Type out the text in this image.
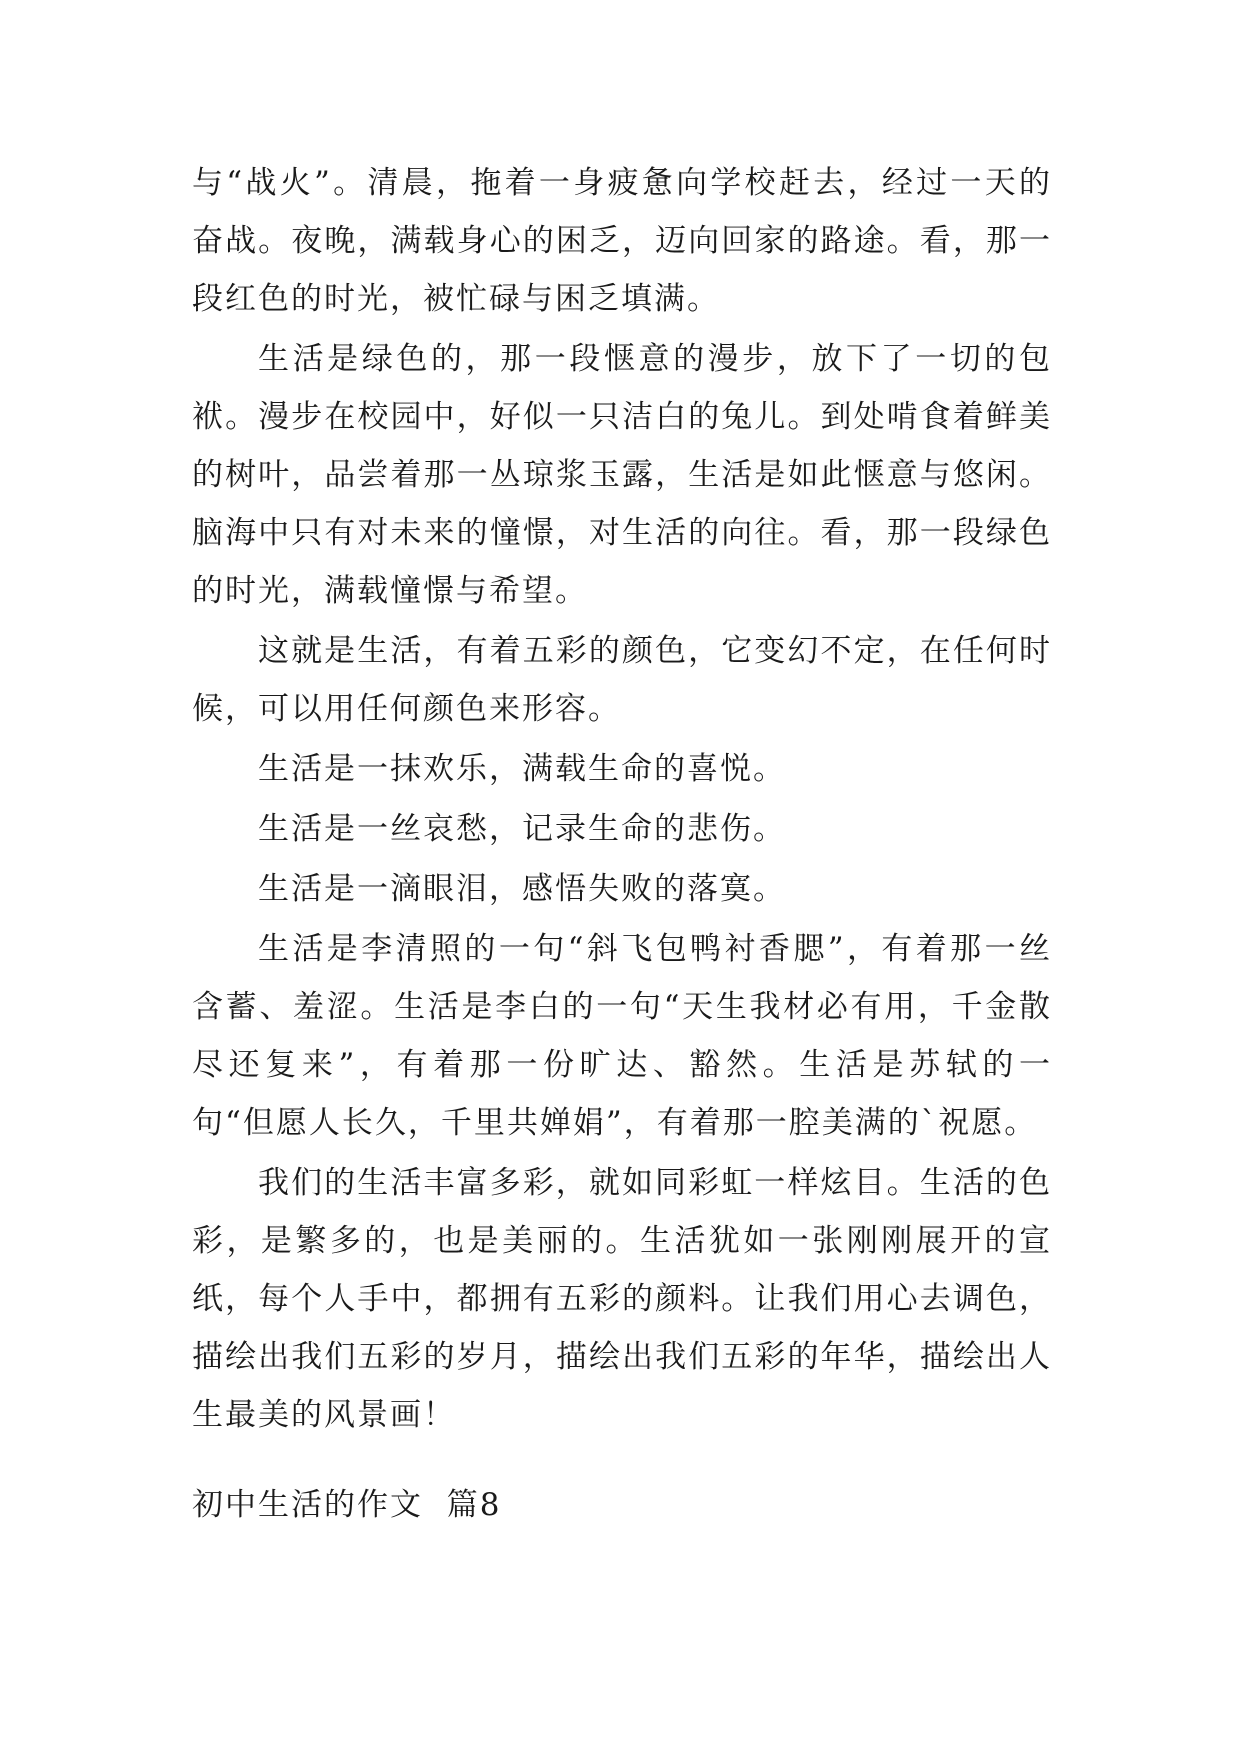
与“战火”。清晨，拖着一身疲惫向学校赶去，经过一天的奋战。夜晚，满载身心的困乏，迈向回家的路途。看，那一段红色的时光，被忙碌与困乏填满。

生活是绿色的，那一段惬意的漫步，放下了一切的包袱。漫步在校园中，好似一只洁白的兔儿。到处啃食着鲜美的树叶，品尝着那一丛琼浆玉露，生活是如此惬意与悠闲。脑海中只有对未来的憧憬，对生活的向往。看，那一段绿色的时光，满载憧憬与希望。

这就是生活，有着五彩的颜色，它变幻不定，在任何时候，可以用任何颜色来形容。

生活是一抹欢乐，满载生命的喜悦。

生活是一丝哀愁，记录生命的悲伤。

生活是一滴眼泪，感悟失败的落寞。

生活是李清照的一句“斜飞包鸭衬香腮”，有着那一丝含蓄、羞涩。生活是李白的一句“天生我材必有用，千金散尽还复来”，有着那一份旷达、豁然。生活是苏轼的一句“但愿人长久，千里共婵娟”，有着那一腔美满的`祝愿。

我们的生活丰富多彩，就如同彩虹一样炫目。生活的色彩，是繁多的，也是美丽的。生活犹如一张刚刚展开的宣纸，每个人手中，都拥有五彩的颜料。让我们用心去调色，描绘出我们五彩的岁月，描绘出我们五彩的年华，描绘出人生最美的风景画！

初中生活的作文  篇8
